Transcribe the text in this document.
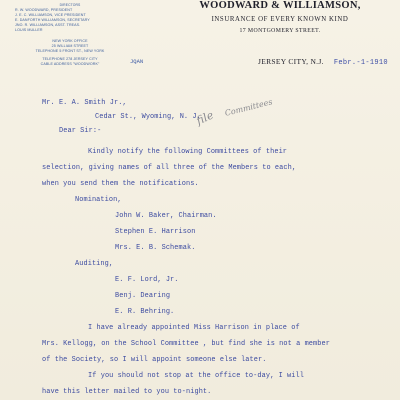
DIRECTORS
R. W. WOODWARD, PRESIDENT
J. E. C. WILLIAMSON, VICE PRESIDENT
E. DANFORTH WILLIAMSON, SECRETARY
JNO. R. WILLIAMSON, ASST. TREAS.
LOUIS MULLER
NEW YORK OFFICE
25 WILLIAM STREET
TELEPHONE 5 FRONT ST., NEW YORK
TELEPHONE 278 JERSEY CITY
CABLE ADDRESS "WOODWORK"
WOODWARD & WILLIAMSON,
INSURANCE OF EVERY KNOWN KIND
17 MONTGOMERY STREET.
JQAN	JERSEY CITY, N.J. Febr.-1-1910
Mr. E. A. Smith Jr.,
Cedar St., Wyoming, N. J.
Dear Sir:-
file
Committees
Kindly notify the following Committees of their
selection, giving names of all three of the Members to each,
when you send them the notifications.
Nomination,
John W. Baker, Chairman.
Stephen E. Harrison
Mrs. E. B. Schemak.
Auditing,
E. F. Lord, Jr.
Benj. Dearing
E. R. Behring.
I have already appointed Miss Harrison in place of
Mrs. Kellogg, on the School Committee , but find she is not a member
of the Society, so I will appoint someone else later.
If you should not stop at the office to-day, I will
have this letter mailed to you to-night.
